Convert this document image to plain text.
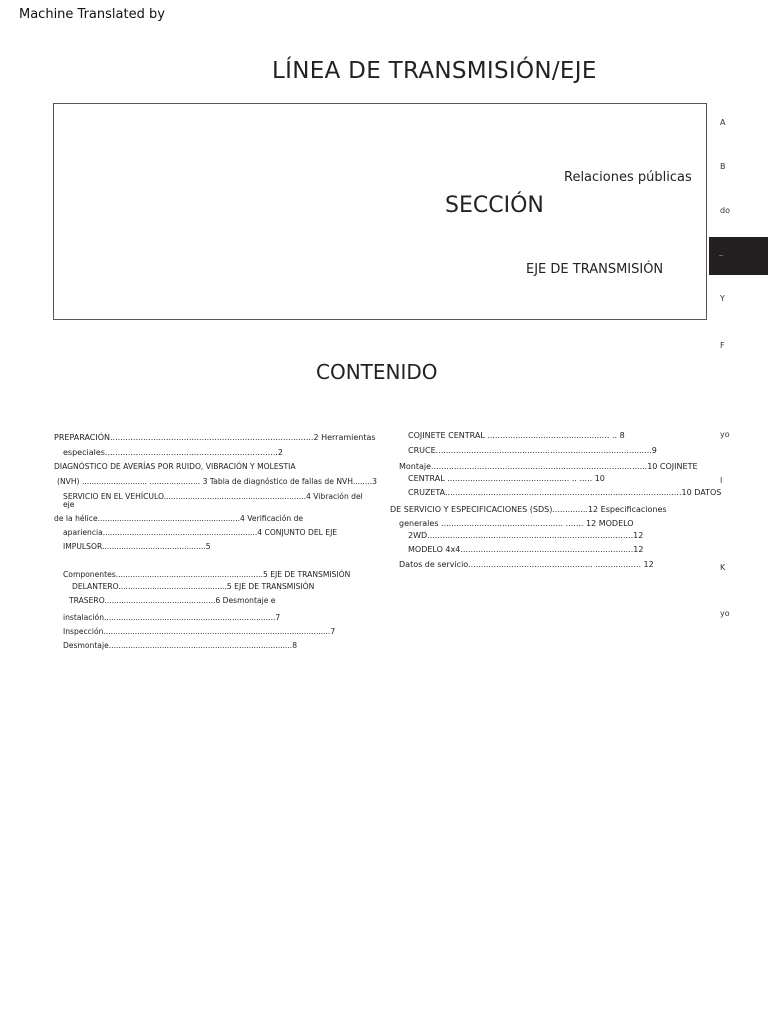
Machine Translated by
LÍNEA DE TRANSMISIÓN/EJE
Relaciones públicas
SECCIÓN
EJE DE TRANSMISIÓN
CONTENIDO
PREPARACIÓN................................................................................2 Herramientas
especiales....................................................................2
DIAGNÓSTICO DE AVERÍAS POR RUIDO, VIBRACIÓN Y MOLESTIA
(NVH) ........................... ..................... 3 Tabla de diagnóstico de fallas de NVH........3
SERVICIO EN EL VEHÍCULO...........................................................4 Vibración del
eje
de la hélice...........................................................4 Verificación de
apariencia................................................................4 CONJUNTO DEL EJE
IMPULSOR...........................................5
Componentes.............................................................5 EJE DE TRANSMISIÓN
DELANTERO.............................................5 EJE DE TRANSMISIÓN
TRASERO..............................................6 Desmontaje e
instalación.......................................................................7
Inspección..............................................................................................7
Desmontaje............................................................................8
COJINETE CENTRAL ................................................ .. 8
CRUCE.....................................................................................9
Montaje.....................................................................................10 COJINETE
CENTRAL ................................................ .. ..... 10
CRUZETA.............................................................................................10 DATOS
DE SERVICIO Y ESPECIFICACIONES (SDS)..............12 Especificaciones
generales ................................................ ....... 12 MODELO
2WD.................................................................................12
MODELO 4x4....................................................................12
Datos de servicio................................................. .................. 12
A
B
do
—
Y
F
yo
I
K
yo
